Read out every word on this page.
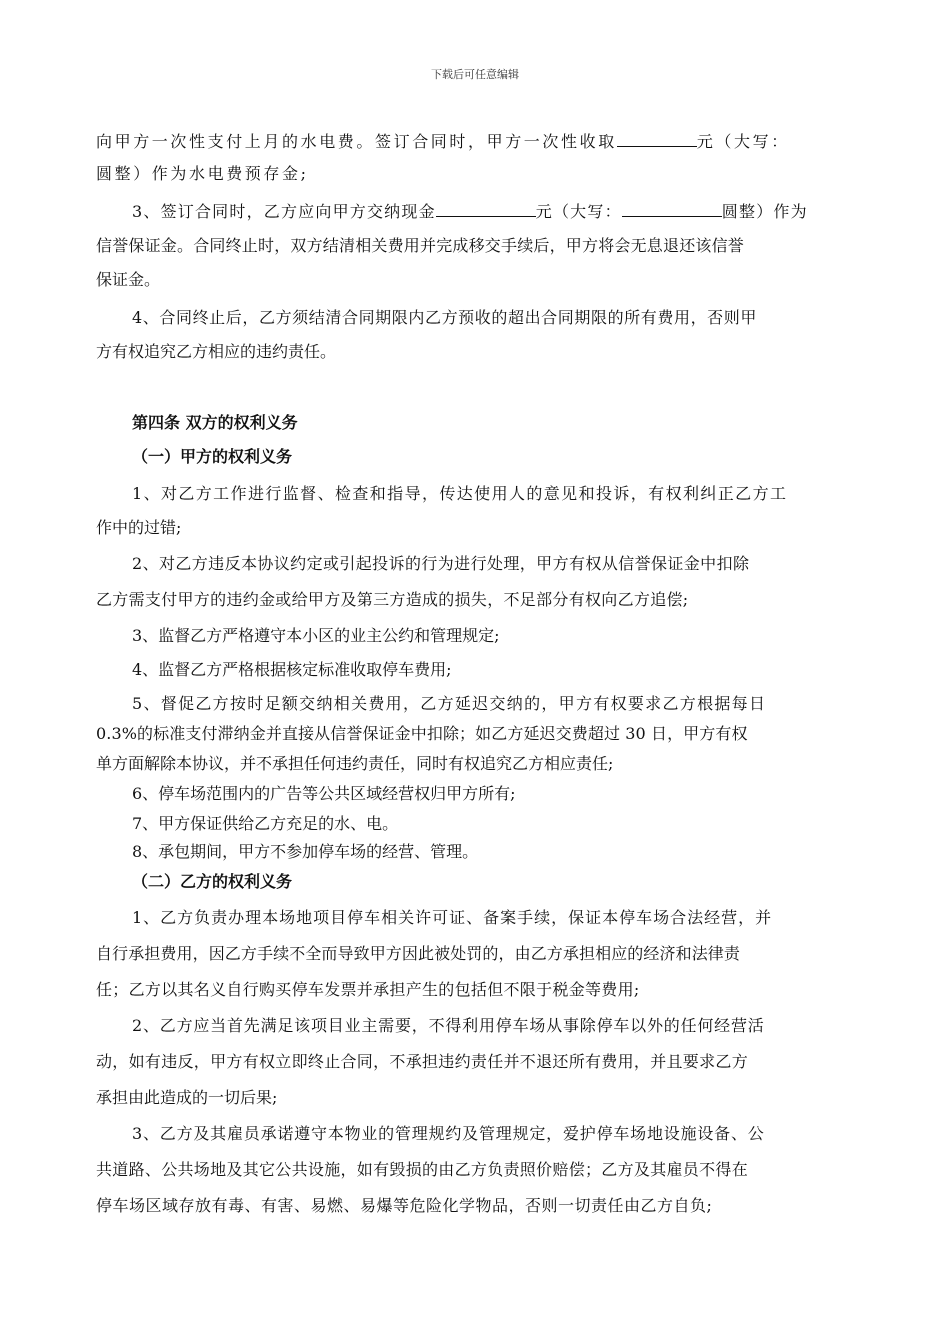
下载后可任意编辑
向甲方一次性支付上月的水电费。签订合同时，甲方一次性收取	元（大写：
圆整）作为水电费预存金;
3、签订合同时，乙方应向甲方交纳现金	元（大写：	圆整）作为
信誉保证金。合同终止时，双方结清相关费用并完成移交手续后，甲方将会无息退还该信誉
保证金。
4、合同终止后，乙方须结清合同期限内乙方预收的超出合同期限的所有费用，否则甲
方有权追究乙方相应的违约责任。
第四条 双方的权利义务
（一）甲方的权利义务
1、对乙方工作进行监督、检查和指导，传达使用人的意见和投诉，有权利纠正乙方工
作中的过错;
2、对乙方违反本协议约定或引起投诉的行为进行处理，甲方有权从信誉保证金中扣除
乙方需支付甲方的违约金或给甲方及第三方造成的损失，不足部分有权向乙方追偿;
3、监督乙方严格遵守本小区的业主公约和管理规定;
4、监督乙方严格根据核定标准收取停车费用;
5、督促乙方按时足额交纳相关费用，乙方延迟交纳的，甲方有权要求乙方根据每日
0.3%的标准支付滞纳金并直接从信誉保证金中扣除；如乙方延迟交费超过 30 日，甲方有权
单方面解除本协议，并不承担任何违约责任，同时有权追究乙方相应责任;
6、停车场范围内的广告等公共区域经营权归甲方所有;
7、甲方保证供给乙方充足的水、电。
8、承包期间，甲方不参加停车场的经营、管理。
（二）乙方的权利义务
1、乙方负责办理本场地项目停车相关许可证、备案手续，保证本停车场合法经营，并
自行承担费用，因乙方手续不全而导致甲方因此被处罚的，由乙方承担相应的经济和法律责
任；乙方以其名义自行购买停车发票并承担产生的包括但不限于税金等费用;
2、乙方应当首先满足该项目业主需要，不得利用停车场从事除停车以外的任何经营活
动，如有违反，甲方有权立即终止合同，不承担违约责任并不退还所有费用，并且要求乙方
承担由此造成的一切后果;
3、乙方及其雇员承诺遵守本物业的管理规约及管理规定，爱护停车场地设施设备、公
共道路、公共场地及其它公共设施，如有毁损的由乙方负责照价赔偿；乙方及其雇员不得在
停车场区域存放有毒、有害、易燃、易爆等危险化学物品，否则一切责任由乙方自负;
